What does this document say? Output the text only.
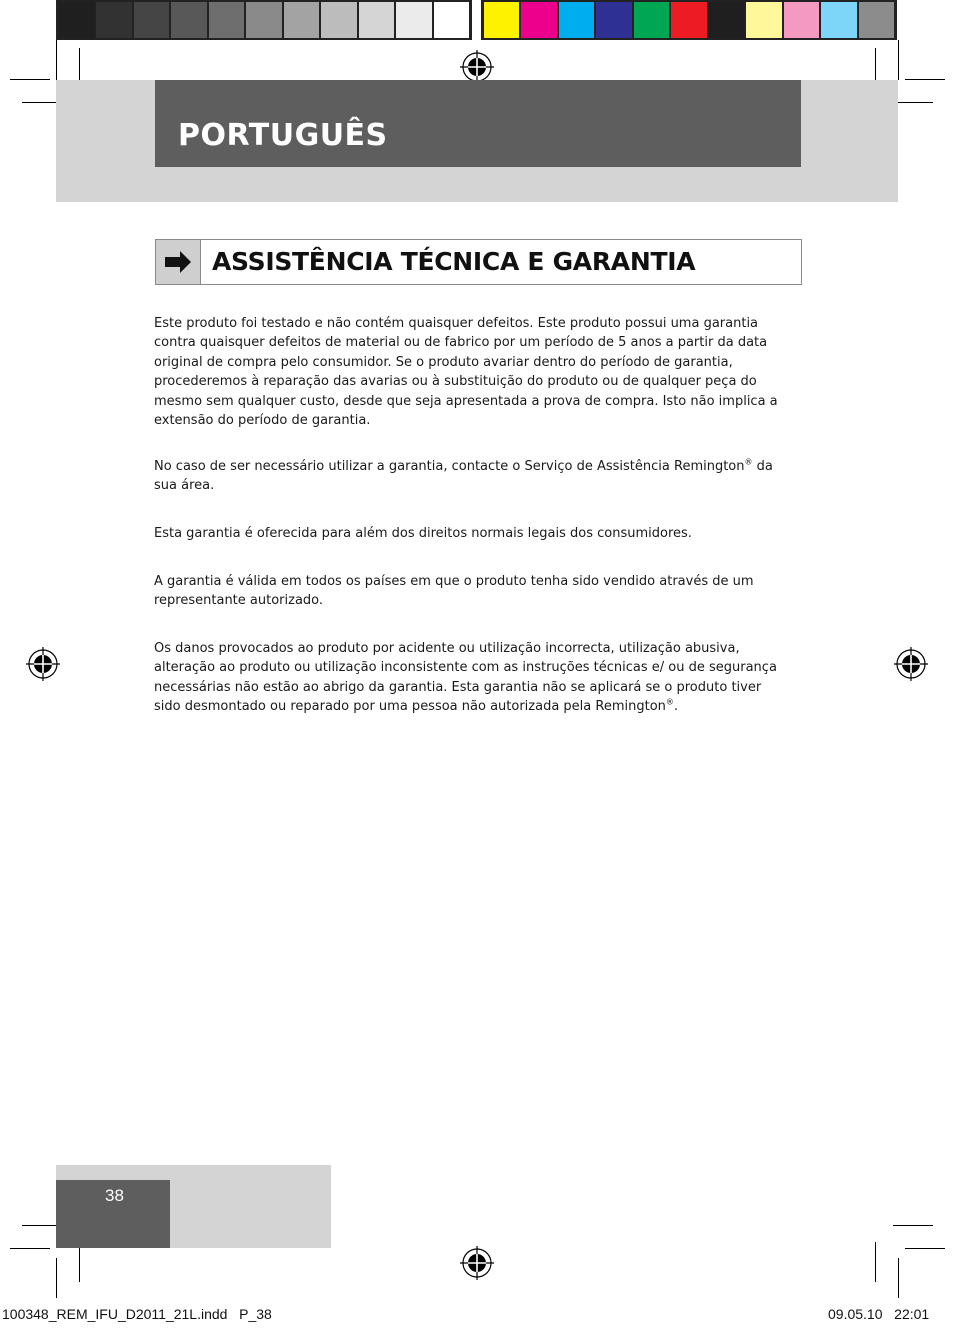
PORTUGUÊS
ASSISTÊNCIA TÉCNICA E GARANTIA
Este produto foi testado e não contém quaisquer defeitos. Este produto possui uma garantia contra quaisquer defeitos de material ou de fabrico por um período de 5 anos a partir da data original de compra pelo consumidor. Se o produto avariar dentro do período de garantia, procederemos à reparação das avarias ou à substituição do produto ou de qualquer peça do mesmo sem qualquer custo, desde que seja apresentada a prova de compra. Isto não implica a extensão do período de garantia.
No caso de ser necessário utilizar a garantia, contacte o Serviço de Assistência Remington® da sua área.
Esta garantia é oferecida para além dos direitos normais legais dos consumidores.
A garantia é válida em todos os países em que o produto tenha sido vendido através de um representante autorizado.
Os danos provocados ao produto por acidente ou utilização incorrecta, utilização abusiva, alteração ao produto ou utilização inconsistente com as instruções técnicas e/ ou de segurança necessárias não estão ao abrigo da garantia. Esta garantia não se aplicará se o produto tiver sido desmontado ou reparado por uma pessoa não autorizada pela Remington®.
38
100348_REM_IFU_D2011_21L.indd   P_38	09.05.10   22:01
